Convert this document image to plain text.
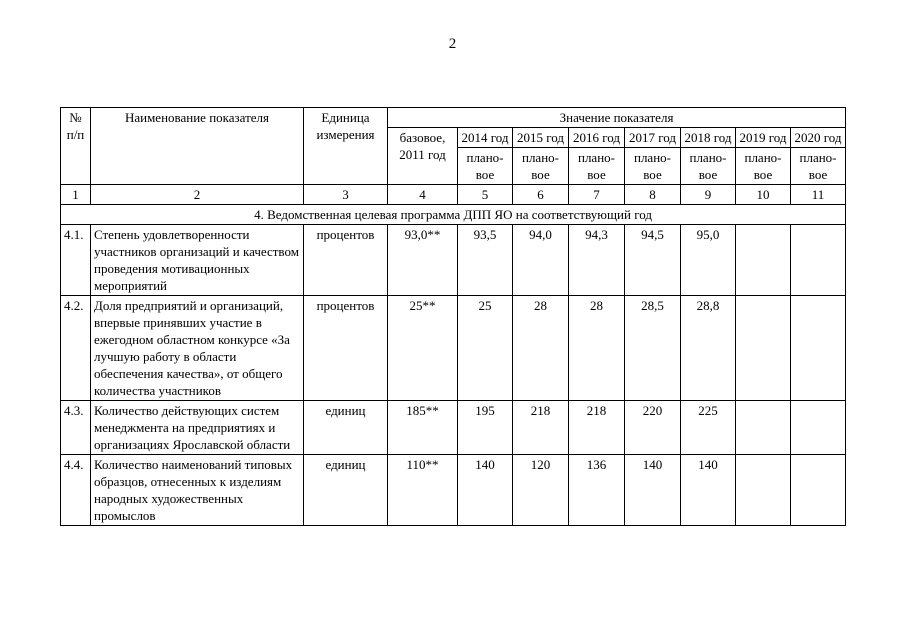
2
№ п/п	Наименование показателя	Единица измерения	Значение показателя							
			базовое, 2011 год	2014 год	2015 год	2016 год	2017 год	2018 год	2019 год	2020 год
				плано-вое	плано-вое	плано-вое	плано-вое	плано-вое	плано-вое	плано-вое
1	2	3	4	5	6	7	8	9	10	11
4. Ведомственная целевая программа ДПП ЯО на соответствующий год										
4.1.	Степень удовлетворенности участников организаций и качеством проведения мотивационных мероприятий	процентов	93,0**	93,5	94,0	94,3	94,5	95,0		
4.2.	Доля предприятий и организаций, впервые принявших участие в ежегодном областном конкурсе «За лучшую работу в области обеспечения качества», от общего количества участников	процентов	25**	25	28	28	28,5	28,8		
4.3.	Количество действующих систем менеджмента на предприятиях и организациях Ярославской области	единиц	185**	195	218	218	220	225		
4.4.	Количество наименований типовых образцов, отнесенных к изделиям народных художественных промыслов	единиц	110**	140	120	136	140	140		
